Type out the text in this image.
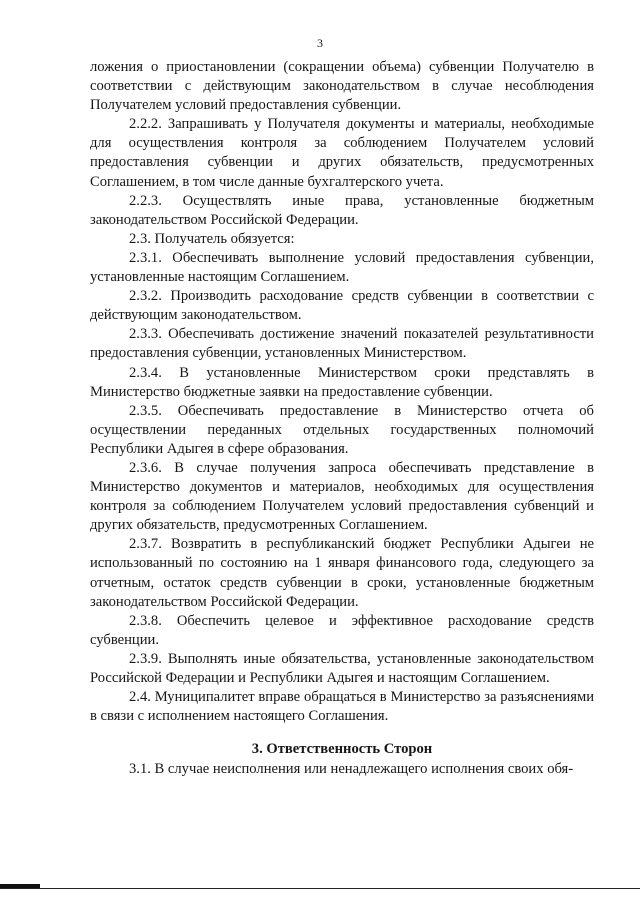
3

ложения о приостановлении (сокращении объема) субвенции Получателю в соответствии с действующим законодательством в случае несоблюдения Получателем условий предоставления субвенции.

2.2.2. Запрашивать у Получателя документы и материалы, необходимые для осуществления контроля за соблюдением Получателем условий предоставления субвенции и других обязательств, предусмотренных Соглашением, в том числе данные бухгалтерского учета.

2.2.3. Осуществлять иные права, установленные бюджетным законодательством Российской Федерации.

2.3. Получатель обязуется:

2.3.1. Обеспечивать выполнение условий предоставления субвенции, установленные настоящим Соглашением.

2.3.2. Производить расходование средств субвенции в соответствии с действующим законодательством.

2.3.3. Обеспечивать достижение значений показателей результативности предоставления субвенции, установленных Министерством.

2.3.4. В установленные Министерством сроки представлять в Министерство бюджетные заявки на предоставление субвенции.

2.3.5. Обеспечивать предоставление в Министерство отчета об осуществлении переданных отдельных государственных полномочий Республики Адыгея в сфере образования.

2.3.6. В случае получения запроса обеспечивать представление в Министерство документов и материалов, необходимых для осуществления контроля за соблюдением Получателем условий предоставления субвенций и других обязательств, предусмотренных Соглашением.

2.3.7. Возвратить в республиканский бюджет Республики Адыгеи не использованный по состоянию на 1 января финансового года, следующего за отчетным, остаток средств субвенции в сроки, установленные бюджетным законодательством Российской Федерации.

2.3.8. Обеспечить целевое и эффективное расходование средств субвенции.

2.3.9. Выполнять иные обязательства, установленные законодательством Российской Федерации и Республики Адыгея и настоящим Соглашением.

2.4. Муниципалитет вправе обращаться в Министерство за разъяснениями в связи с исполнением настоящего Соглашения.

3. Ответственность Сторон

3.1. В случае неисполнения или ненадлежащего исполнения своих обя-
